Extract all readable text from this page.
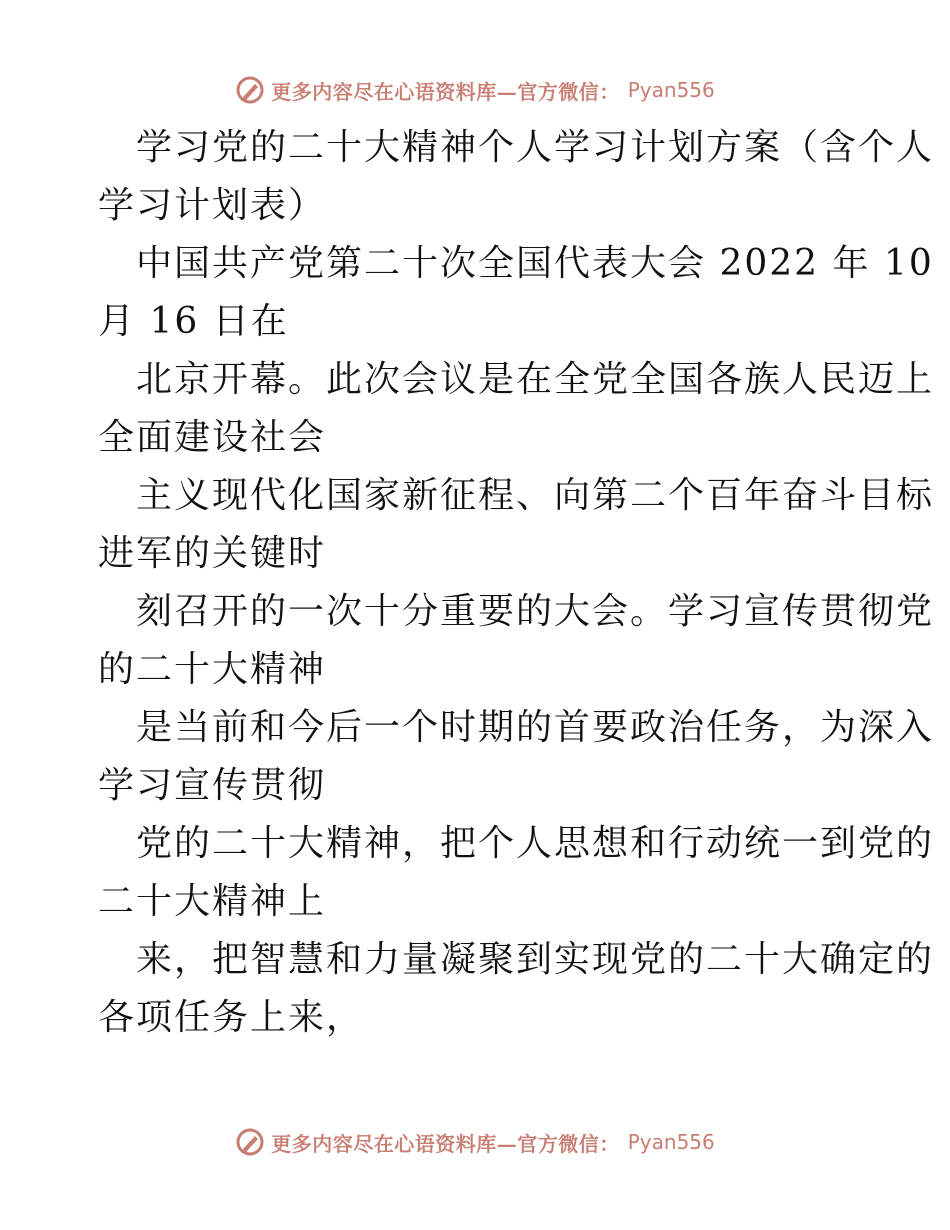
更多内容尽在心语资料库—官方微信： Pyan556
学习党的二十大精神个人学习计划方案（含个人
学习计划表）
中国共产党第二十次全国代表大会 2022 年 10
月 16 日在
北京开幕。此次会议是在全党全国各族人民迈上
全面建设社会
主义现代化国家新征程、向第二个百年奋斗目标
进军的关键时
刻召开的一次十分重要的大会。学习宣传贯彻党
的二十大精神
是当前和今后一个时期的首要政治任务，为深入
学习宣传贯彻
党的二十大精神，把个人思想和行动统一到党的
二十大精神上
来，把智慧和力量凝聚到实现党的二十大确定的
各项任务上来，
更多内容尽在心语资料库—官方微信： Pyan556
